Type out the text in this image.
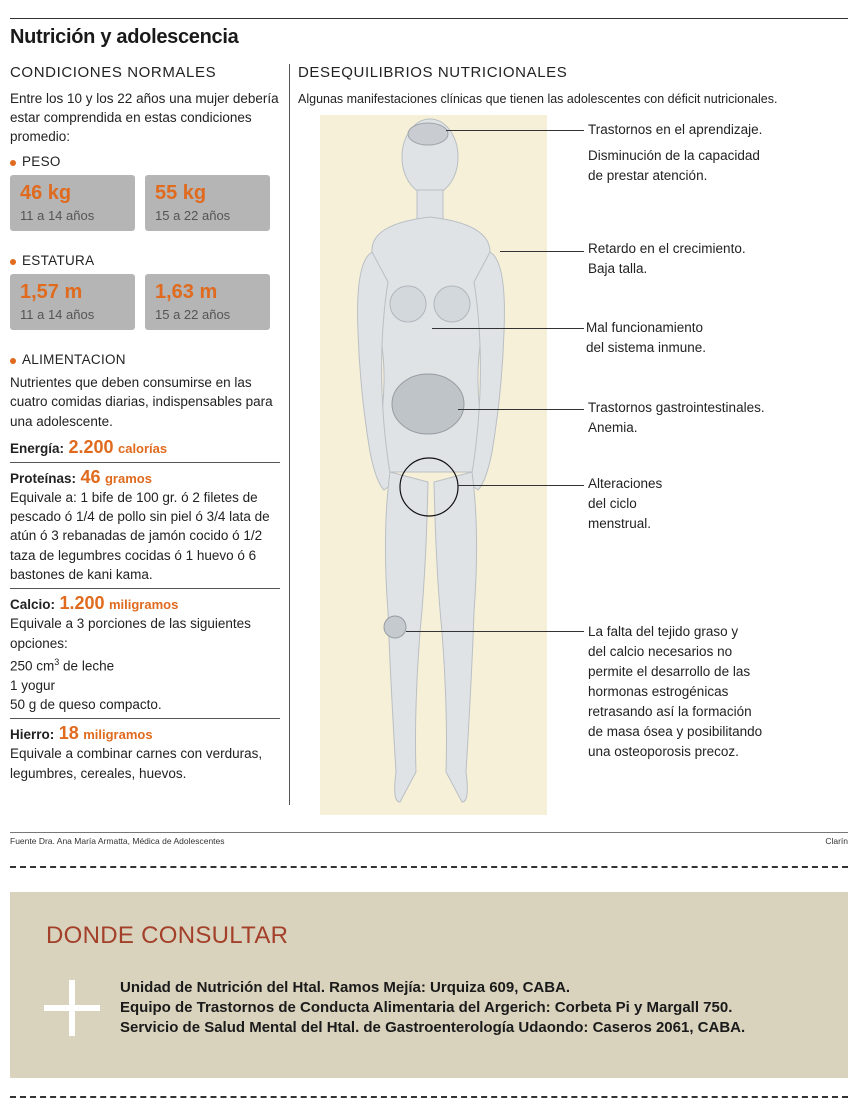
Nutrición y adolescencia
CONDICIONES NORMALES
Entre los 10 y los 22 años una mujer debería estar comprendida en estas condiciones promedio:
PESO
46 kg
11 a 14 años
55 kg
15 a 22 años
ESTATURA
1,57 m
11 a 14 años
1,63 m
15 a 22 años
ALIMENTACION
Nutrientes que deben consumirse en las cuatro comidas diarias, indispensables para una adolescente.
Energía: 2.200 calorías
Proteínas: 46 gramos
Equivale a: 1 bife de 100 gr. ó 2 filetes de pescado ó 1/4 de pollo sin piel ó 3/4 lata de atún ó 3 rebanadas de jamón cocido ó 1/2 taza de legumbres cocidas ó 1 huevo ó 6 bastones de kani kama.
Calcio: 1.200 miligramos
Equivale a 3 porciones de las siguientes opciones:
250 $cm^3$ de leche
1 yogur
50 g de queso compacto.
Hierro: 18 miligramos
Equivale a combinar carnes con verduras, legumbres, cereales, huevos.
DESEQUILIBRIOS NUTRICIONALES
Algunas manifestaciones clínicas que tienen las adolescentes con déficit nutricionales.
Trastornos en el aprendizaje.
Disminución de la capacidad
de prestar atención.
Retardo en el crecimiento.
Baja talla.
Mal funcionamiento
del sistema inmune.
Trastornos gastrointestinales.
Anemia.
Alteraciones
del ciclo
menstrual.
La falta del tejido graso y
del calcio necesarios no
permite el desarrollo de las
hormonas estrogénicas
retrasando así la formación
de masa ósea y posibilitando
una osteoporosis precoz.
Fuente Dra. Ana María Armatta, Médica de Adolescentes	Clarín
DONDE CONSULTAR
Unidad de Nutrición del Htal. Ramos Mejía: Urquiza 609, CABA.
Equipo de Trastornos de Conducta Alimentaria del Argerich: Corbeta Pi y Margall 750.
Servicio de Salud Mental del Htal. de Gastroenterología Udaondo: Caseros 2061, CABA.
